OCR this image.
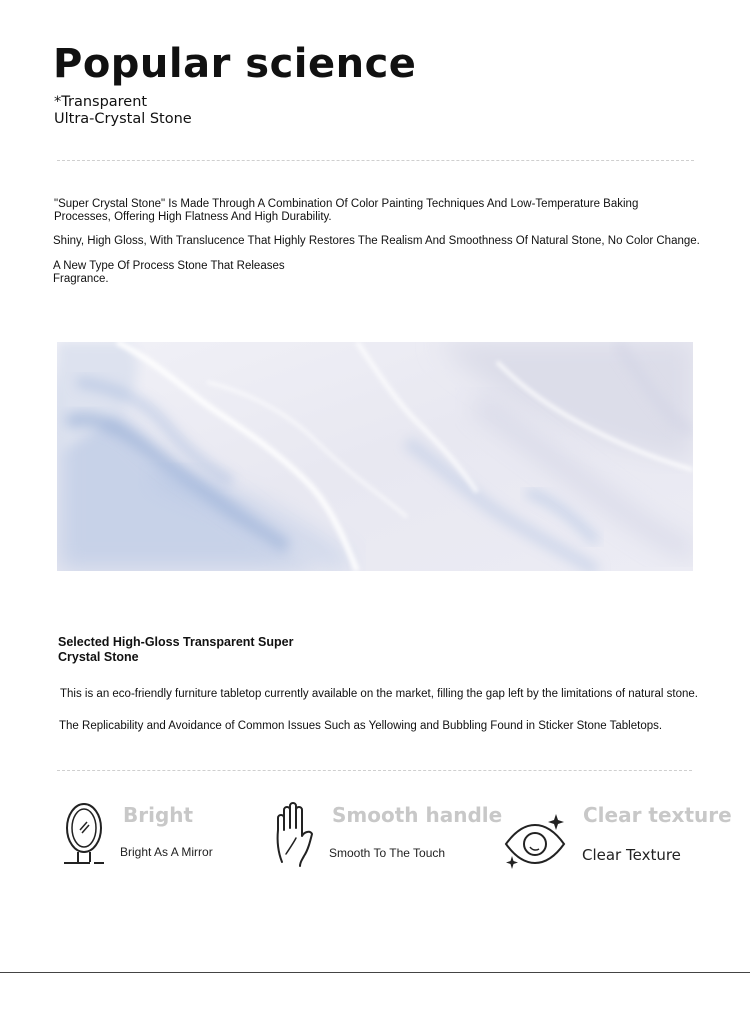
Popular science
*Transparent
Ultra-Crystal Stone
"Super Crystal Stone" Is Made Through A Combination Of Color Painting Techniques And Low-Temperature Baking
Processes, Offering High Flatness And High Durability.
Shiny, High Gloss, With Translucence That Highly Restores The Realism And Smoothness Of Natural Stone, No Color Change.
A New Type Of Process Stone That Releases
Fragrance.
Selected High-Gloss Transparent Super
Crystal Stone
This is an eco-friendly furniture tabletop currently available on the market, filling the gap left by the limitations of natural stone.
The Replicability and Avoidance of Common Issues Such as Yellowing and Bubbling Found in Sticker Stone Tabletops.
Bright
Bright As A Mirror
Smooth handle
Smooth To The Touch
Clear texture
Clear Texture
